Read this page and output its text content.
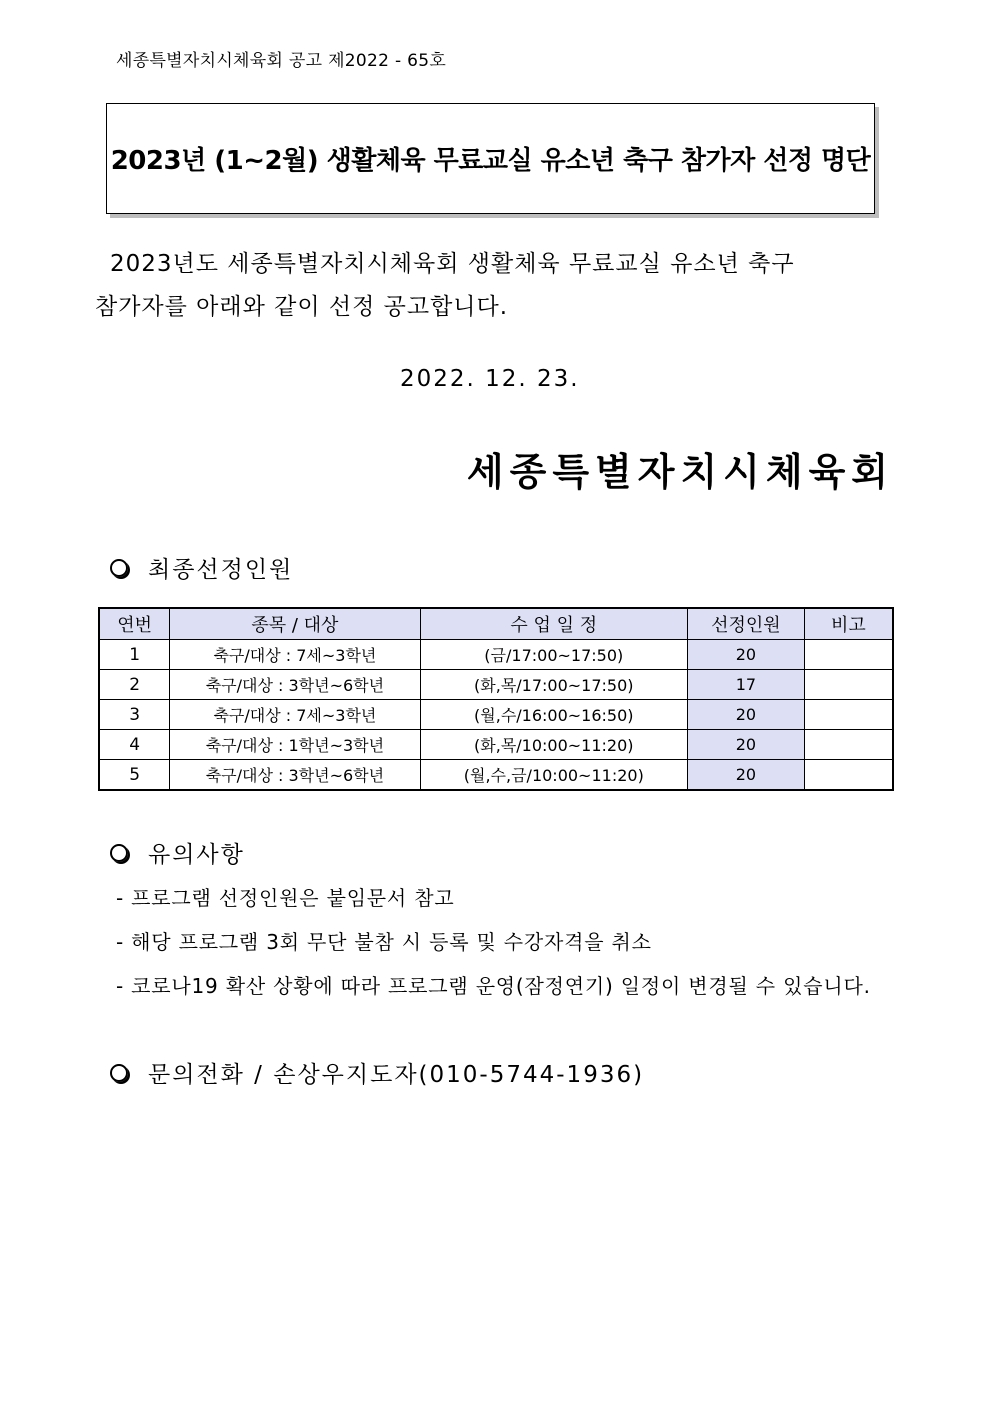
세종특별자치시체육회 공고 제2022 - 65호
2023년 (1~2월) 생활체육 무료교실 유소년 축구 참가자 선정 명단
2023년도 세종특별자치시체육회 생활체육 무료교실 유소년 축구
참가자를 아래와 같이 선정 공고합니다.
2022. 12. 23.
세종특별자치시체육회
최종선정인원
연번	종목 / 대상	수 업 일 정	선정인원	비고
1	축구/대상 : 7세~3학년	(금/17:00~17:50)	20	
2	축구/대상 : 3학년~6학년	(화,목/17:00~17:50)	17	
3	축구/대상 : 7세~3학년	(월,수/16:00~16:50)	20	
4	축구/대상 : 1학년~3학년	(화,목/10:00~11:20)	20	
5	축구/대상 : 3학년~6학년	(월,수,금/10:00~11:20)	20	
유의사항
- 프로그램 선정인원은 붙임문서 참고
- 해당 프로그램 3회 무단 불참 시 등록 및 수강자격을 취소
- 코로나19 확산 상황에 따라 프로그램 운영(잠정연기) 일정이 변경될 수 있습니다.
문의전화 / 손상우지도자(010-5744-1936)
